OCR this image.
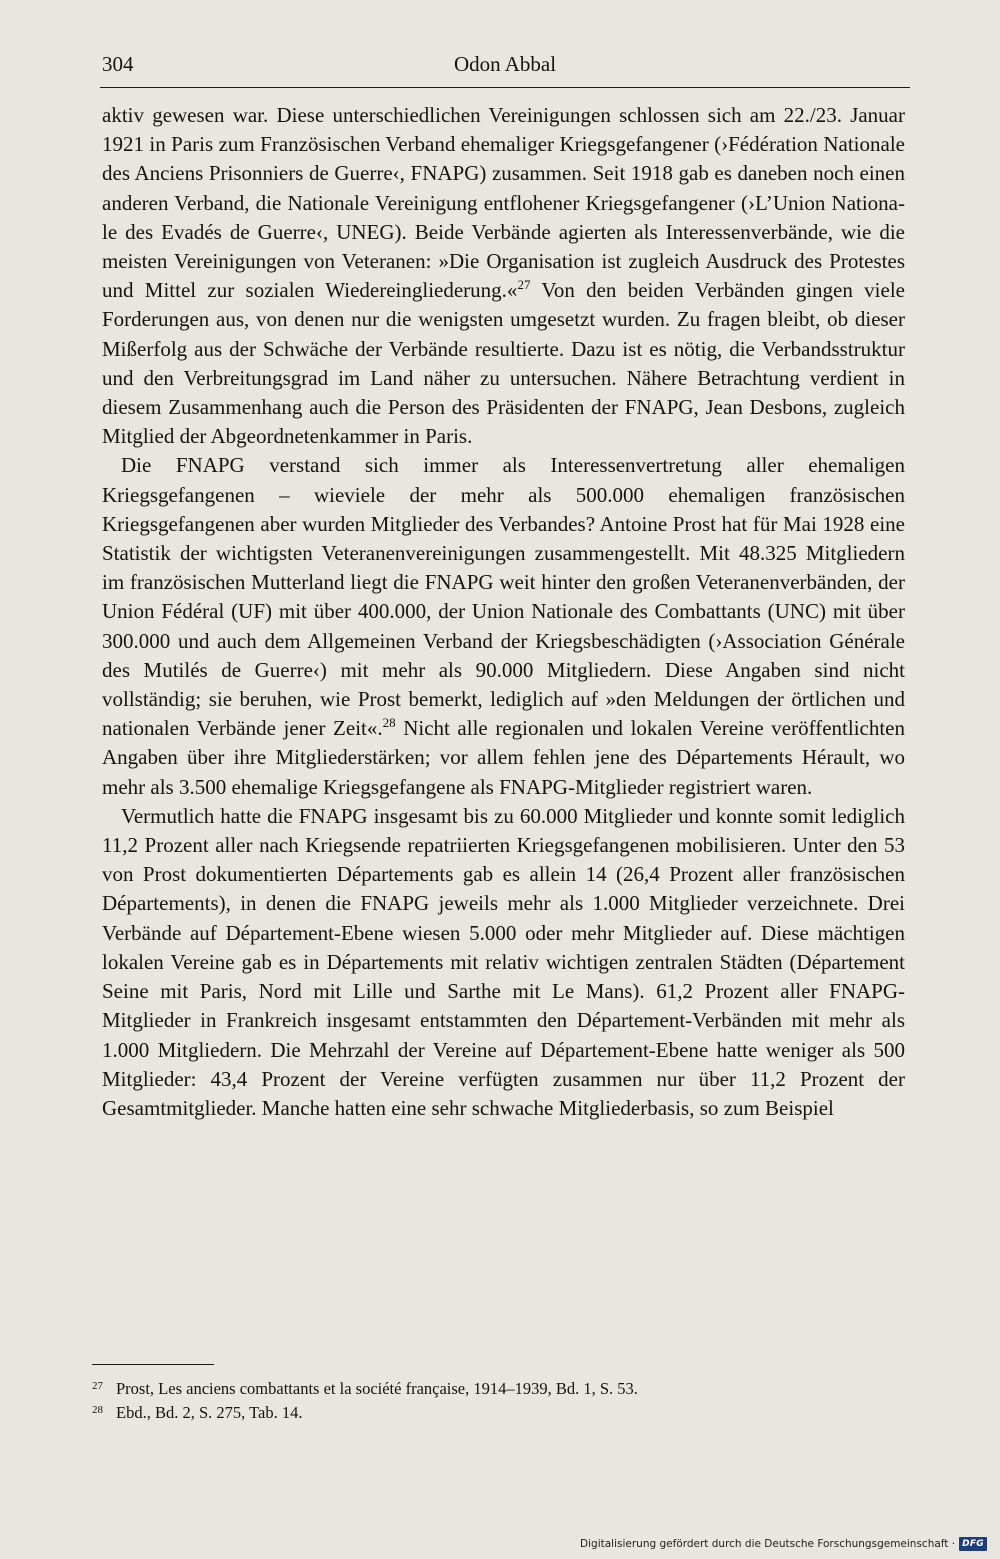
304	Odon Abbal

aktiv gewesen war. Diese unterschiedlichen Vereinigungen schlossen sich am 22./23. Januar 1921 in Paris zum Französischen Verband ehemaliger Kriegsgefangener (›Fédération Nationale des Anciens Prisonniers de Guerre‹, FNAPG) zusammen. Seit 1918 gab es daneben noch einen anderen Verband, die Nationale Vereinigung entflohener Kriegsgefangener (›L’Union Nationale des Evadés de Guerre‹, UNEG). Beide Verbände agierten als Interessenverbände, wie die meisten Vereinigungen von Veteranen: »Die Organisation ist zugleich Ausdruck des Protestes und Mittel zur sozialen Wiedereingliederung.«$^{27}$ Von den beiden Verbänden gingen viele Forderungen aus, von denen nur die wenigsten umgesetzt wurden. Zu fragen bleibt, ob dieser Mißerfolg aus der Schwäche der Verbände resultierte. Dazu ist es nötig, die Verbandsstruktur und den Verbreitungsgrad im Land näher zu untersuchen. Nähere Betrachtung verdient in diesem Zusammenhang auch die Person des Präsidenten der FNAPG, Jean Desbons, zugleich Mitglied der Abgeordnetenkammer in Paris.

Die FNAPG verstand sich immer als Interessenvertretung aller ehemaligen Kriegsgefangenen – wieviele der mehr als 500.000 ehemaligen französischen Kriegsgefangenen aber wurden Mitglieder des Verbandes? Antoine Prost hat für Mai 1928 eine Statistik der wichtigsten Veteranenvereinigungen zusammengestellt. Mit 48.325 Mitgliedern im französischen Mutterland liegt die FNAPG weit hinter den großen Veteranenverbänden, der Union Fédéral (UF) mit über 400.000, der Union Nationale des Combattants (UNC) mit über 300.000 und auch dem Allgemeinen Verband der Kriegsbeschädigten (›Association Générale des Mutilés de Guerre‹) mit mehr als 90.000 Mitgliedern. Diese Angaben sind nicht vollständig; sie beruhen, wie Prost bemerkt, lediglich auf »den Meldungen der örtlichen und nationalen Verbände jener Zeit«.$^{28}$ Nicht alle regionalen und lokalen Vereine veröffentlichten Angaben über ihre Mitgliederstärken; vor allem fehlen jene des Départements Hérault, wo mehr als 3.500 ehemalige Kriegsgefangene als FNAPG-Mitglieder registriert waren.

Vermutlich hatte die FNAPG insgesamt bis zu 60.000 Mitglieder und konnte somit lediglich 11,2 Prozent aller nach Kriegsende repatriierten Kriegsgefangenen mobilisieren. Unter den 53 von Prost dokumentierten Départements gab es allein 14 (26,4 Prozent aller französischen Départements), in denen die FNAPG jeweils mehr als 1.000 Mitglieder verzeichnete. Drei Verbände auf Département-Ebene wiesen 5.000 oder mehr Mitglieder auf. Diese mächtigen lokalen Vereine gab es in Départements mit relativ wichtigen zentralen Städten (Département Seine mit Paris, Nord mit Lille und Sarthe mit Le Mans). 61,2 Prozent aller FNAPG-Mitglieder in Frankreich insgesamt entstammten den Département-Verbänden mit mehr als 1.000 Mitgliedern. Die Mehrzahl der Vereine auf Département-Ebene hatte weniger als 500 Mitglieder: 43,4 Prozent der Vereine verfügten zusammen nur über 11,2 Prozent der Gesamtmitglieder. Manche hatten eine sehr schwache Mitgliederbasis, so zum Beispiel

27 Prost, Les anciens combattants et la société française, 1914–1939, Bd. 1, S. 53.
28 Ebd., Bd. 2, S. 275, Tab. 14.
Digitalisierung gefördert durch die Deutsche Forschungsgemeinschaft · DFG
